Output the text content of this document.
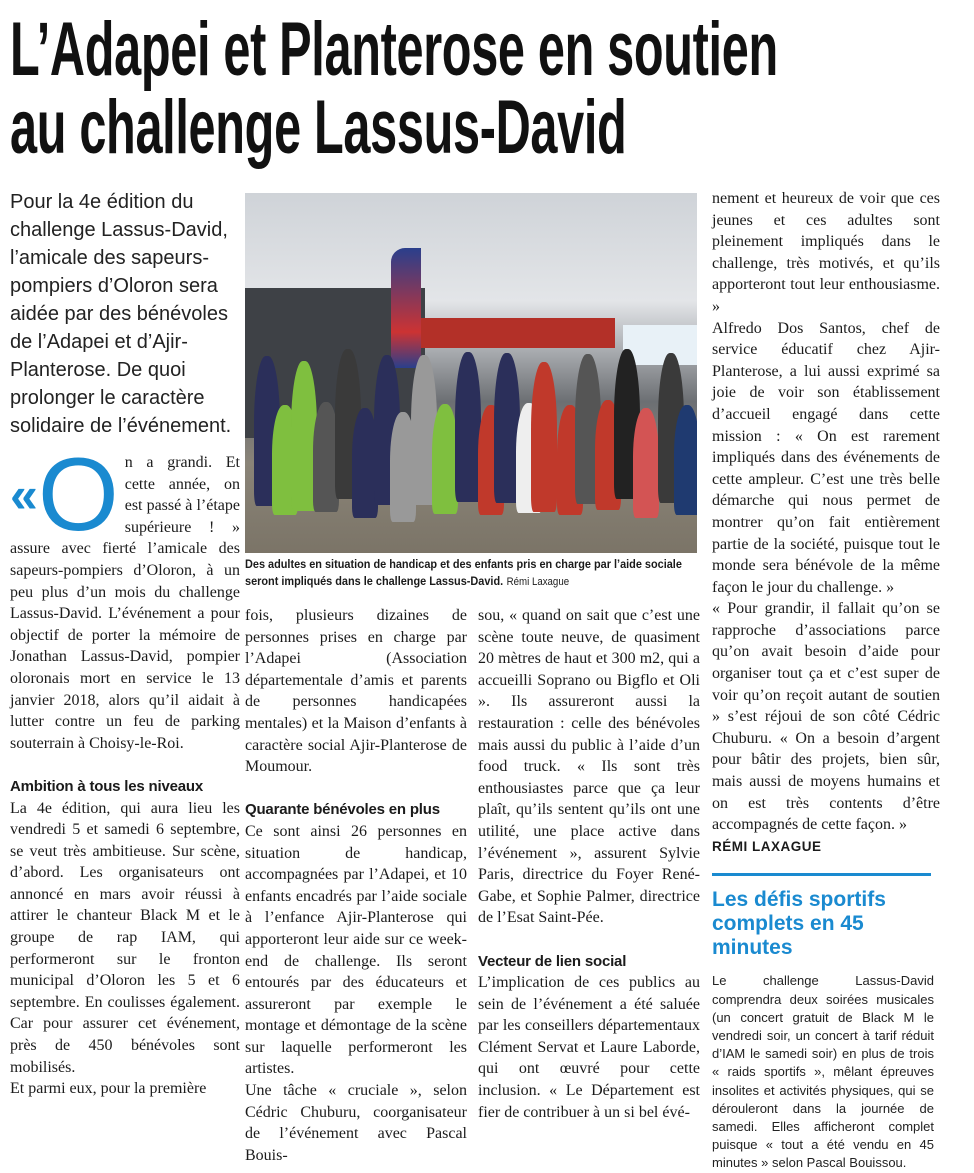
L’Adapei et Planterose en soutien
au challenge Lassus-David
Pour la 4e édition du challenge Lassus-David, l’amicale des sapeurs-pompiers d’Oloron sera aidée par des bénévoles de l’Adapei et d’Ajir-Planterose. De quoi prolonger le caractère solidaire de l’événement.
« O n a grandi. Et cette année, on est passé à l’étape supérieure ! » assure avec fierté l’amicale des sapeurs-pompiers d’Oloron, à un peu plus d’un mois du challenge Lassus-David. L’événement a pour objectif de porter la mémoire de Jonathan Lassus-David, pompier oloronais mort en service le 13 janvier 2018, alors qu’il aidait à lutter contre un feu de parking souterrain à Choisy-le-Roi.

Ambition à tous les niveaux

La 4e édition, qui aura lieu les vendredi 5 et samedi 6 septembre, se veut très ambitieuse. Sur scène, d’abord. Les organisateurs ont annoncé en mars avoir réussi à attirer le chanteur Black M et le groupe de rap IAM, qui performeront sur le fronton municipal d’Oloron les 5 et 6 septembre. En coulisses également. Car pour assurer cet événement, près de 450 bénévoles sont mobilisés.

Et parmi eux, pour la première

Des adultes en situation de handicap et des enfants pris en charge par l’aide sociale seront impliqués dans le challenge Lassus-David. Rémi Laxague

fois, plusieurs dizaines de personnes prises en charge par l’Adapei (Association départementale d’amis et parents de personnes handicapées mentales) et la Maison d’enfants à caractère social Ajir-Planterose de Moumour.

Quarante bénévoles en plus

Ce sont ainsi 26 personnes en situation de handicap, accompagnées par l’Adapei, et 10 enfants encadrés par l’aide sociale à l’enfance Ajir-Planterose qui apporteront leur aide sur ce week-end de challenge. Ils seront entourés par des éducateurs et assureront par exemple le montage et démontage de la scène sur laquelle performeront les artistes.

Une tâche « cruciale », selon Cédric Chuburu, coorganisateur de l’événement avec Pascal Bouis-

sou, « quand on sait que c’est une scène toute neuve, de quasiment 20 mètres de haut et 300 m2, qui a accueilli Soprano ou Bigflo et Oli ». Ils assureront aussi la restauration : celle des bénévoles mais aussi du public à l’aide d’un food truck. « Ils sont très enthousiastes parce que ça leur plaît, qu’ils sentent qu’ils ont une utilité, une place active dans l’événement », assurent Sylvie Paris, directrice du Foyer René-Gabe, et Sophie Palmer, directrice de l’Esat Saint-Pée.

Vecteur de lien social

L’implication de ces publics au sein de l’événement a été saluée par les conseillers départementaux Clément Servat et Laure Laborde, qui ont œuvré pour cette inclusion. « Le Département est fier de contribuer à un si bel évé-

nement et heureux de voir que ces jeunes et ces adultes sont pleinement impliqués dans le challenge, très motivés, et qu’ils apporteront tout leur enthousiasme. »

Alfredo Dos Santos, chef de service éducatif chez Ajir-Planterose, a lui aussi exprimé sa joie de voir son établissement d’accueil engagé dans cette mission : « On est rarement impliqués dans des événements de cette ampleur. C’est une très belle démarche qui nous permet de montrer qu’on fait entièrement partie de la société, puisque tout le monde sera bénévole de la même façon le jour du challenge. »

« Pour grandir, il fallait qu’on se rapproche d’associations parce qu’on avait besoin d’aide pour organiser tout ça et c’est super de voir qu’on reçoit autant de soutien » s’est réjoui de son côté Cédric Chuburu. « On a besoin d’argent pour bâtir des projets, bien sûr, mais aussi de moyens humains et on est très contents d’être accompagnés de cette façon. »

RÉMI LAXAGUE

Les défis sportifs complets en 45 minutes
Le challenge Lassus-David comprendra deux soirées musicales (un concert gratuit de Black M le vendredi soir, un concert à tarif réduit d’IAM le samedi soir) en plus de trois « raids sportifs », mêlant épreuves insolites et activités physiques, qui se dérouleront dans la journée de samedi. Elles afficheront complet puisque « tout a été vendu en 45 minutes » selon Pascal Bouissou.
